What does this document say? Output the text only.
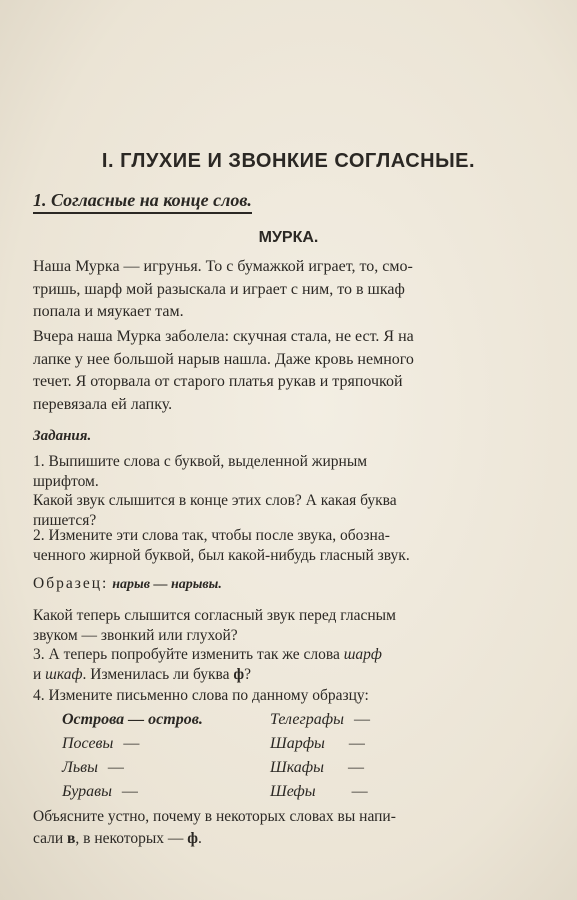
I. ГЛУХИЕ И ЗВОНКИЕ СОГЛАСНЫЕ.
1. Согласные на конце слов.
МУРКА.
Наша Мурка — игрунья. То с бумажкой играет, то, смо-
тришь, шарф мой разыскала и играет с ним, то в шкаф
попала и мяукает там.
Вчера наша Мурка заболела: скучная стала, не ест. Я на
лапке у нее большой нарыв нашла. Даже кровь немного
течет. Я оторвала от старого платья рукав и тряпочкой
перевязала ей лапку.
Задания.
1. Выпишите слова с буквой, выделенной жирным
шрифтом.
Какой звук слышится в конце этих слов? А какая буква
пишется?
2. Измените эти слова так, чтобы после звука, обозна-
ченного жирной буквой, был какой-нибудь гласный звук.
Образец: нарыв — нарывы.
Какой теперь слышится согласный звук перед гласным
звуком — звонкий или глухой?
3. А теперь попробуйте изменить так же слова шарф
и шкаф. Изменилась ли буква ф?
4. Измените письменно слова по данному образцу:
Острова — остров.
Посевы —
Львы —
Буравы —
Телеграфы —
Шарфы —
Шкафы —
Шефы —
Объясните устно, почему в некоторых словах вы напи-
сали в, в некоторых — ф.
